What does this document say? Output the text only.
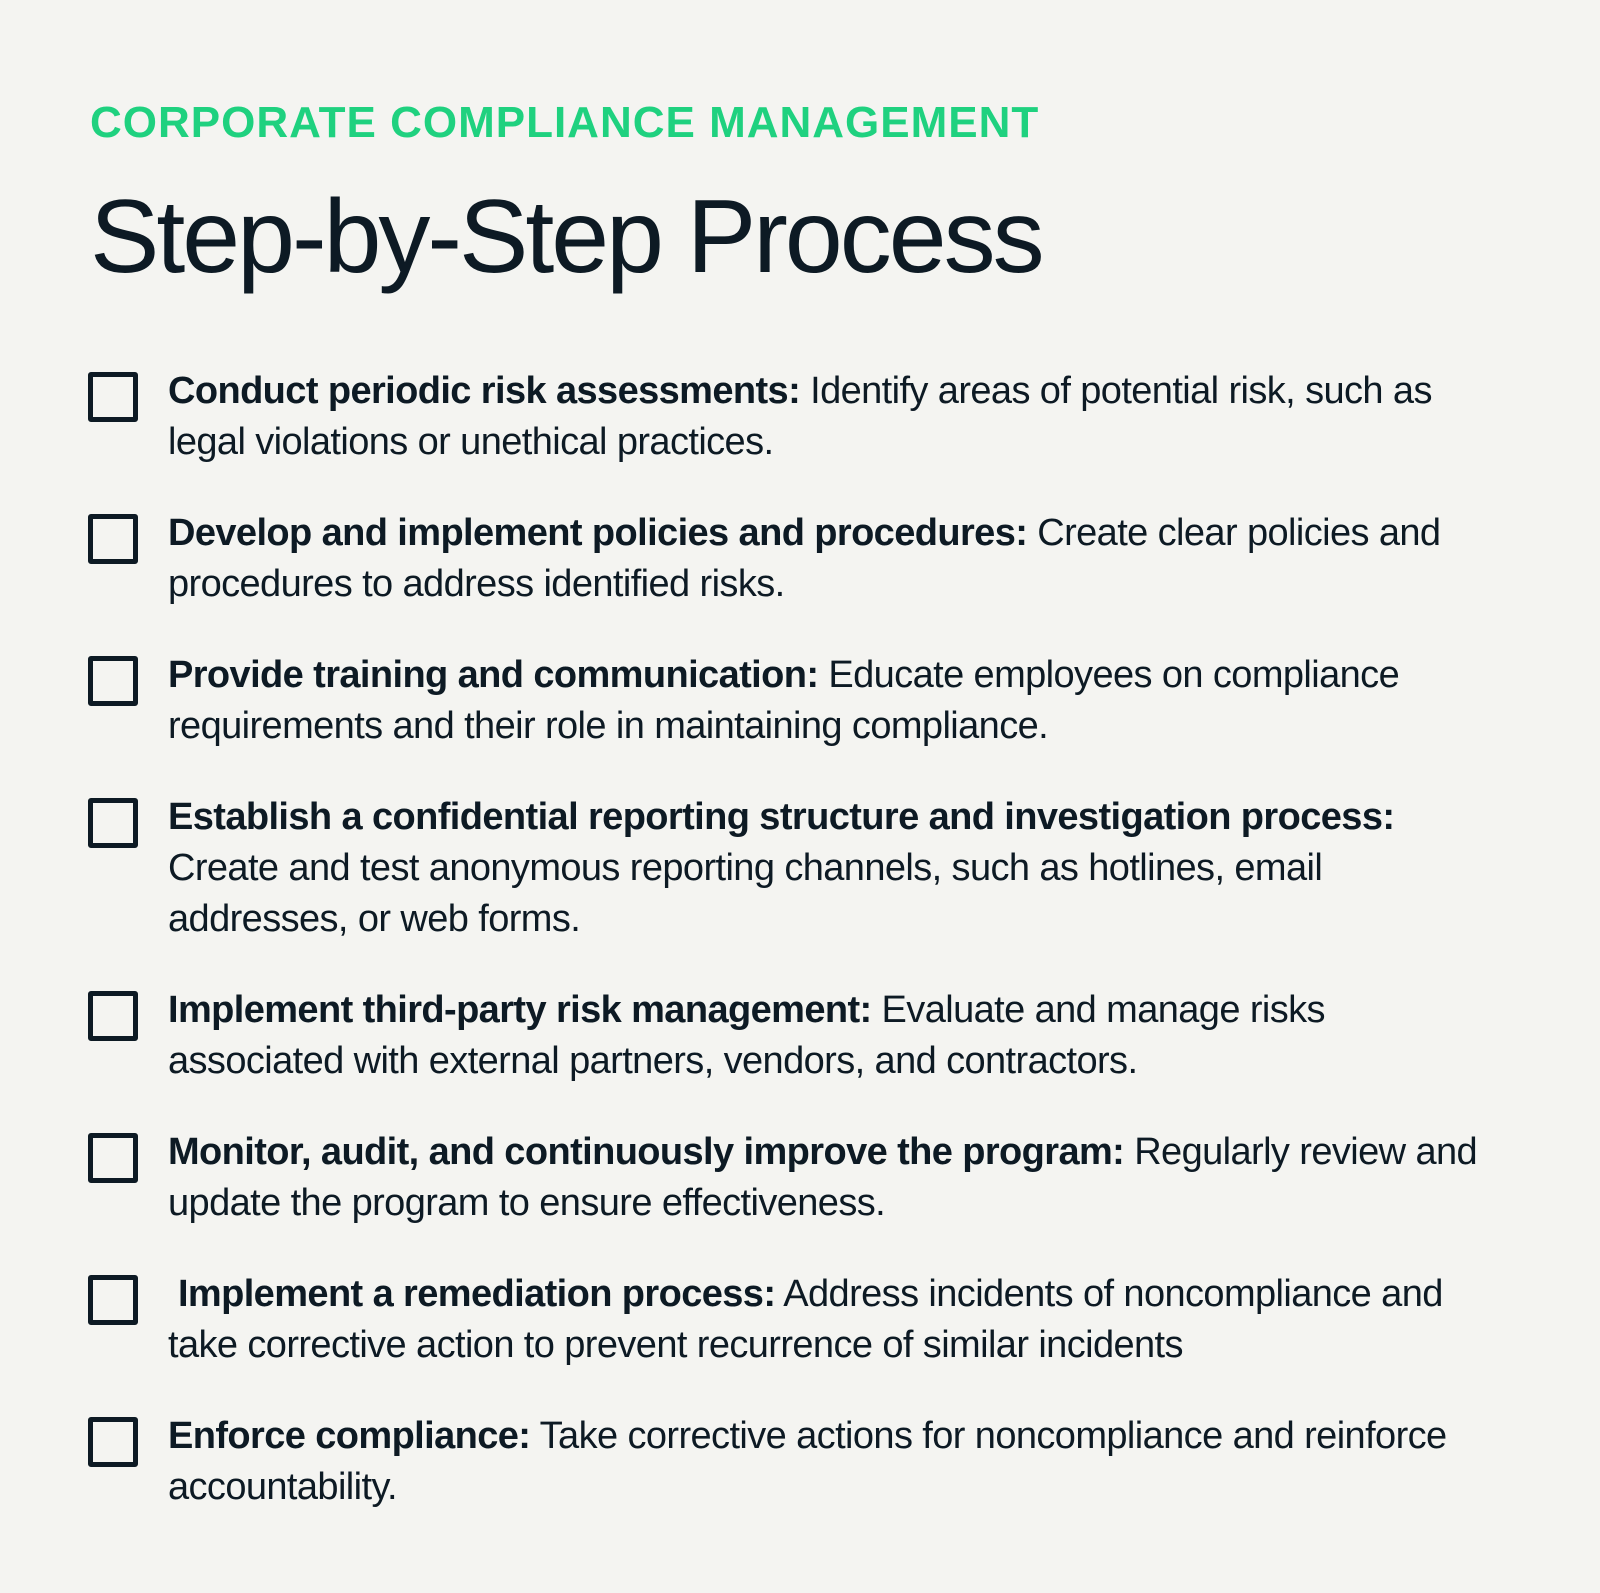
CORPORATE COMPLIANCE MANAGEMENT
Step-by-Step Process
Conduct periodic risk assessments: Identify areas of potential risk, such as legal violations or unethical practices.
Develop and implement policies and procedures: Create clear policies and procedures to address identified risks.
Provide training and communication: Educate employees on compliance requirements and their role in maintaining compliance.
Establish a confidential reporting structure and investigation process: Create and test anonymous reporting channels, such as hotlines, email addresses, or web forms.
Implement third-party risk management: Evaluate and manage risks associated with external partners, vendors, and contractors.
Monitor, audit, and continuously improve the program: Regularly review and update the program to ensure effectiveness.
Implement a remediation process: Address incidents of noncompliance and take corrective action to prevent recurrence of similar incidents
Enforce compliance: Take corrective actions for noncompliance and reinforce accountability.
